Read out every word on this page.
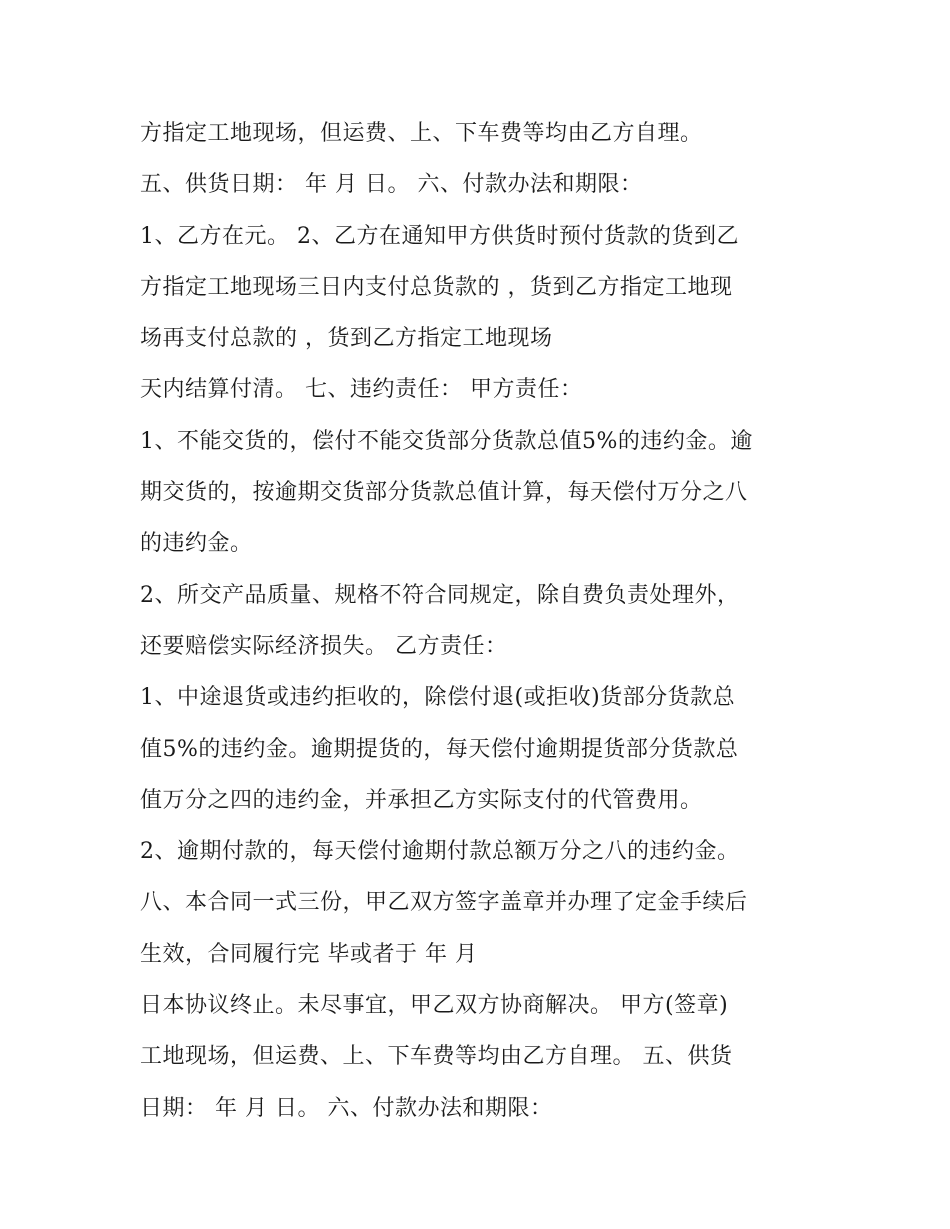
方指定工地现场，但运费、上、下车费等均由乙方自理。
五、供货日期： 年 月 日。 六、付款办法和期限：
1、乙方在元。 2、乙方在通知甲方供货时预付货款的货到乙
方指定工地现场三日内支付总货款的 ，货到乙方指定工地现
场再支付总款的 ，货到乙方指定工地现场
天内结算付清。 七、违约责任： 甲方责任：
1、不能交货的，偿付不能交货部分货款总值5%的违约金。逾
期交货的，按逾期交货部分货款总值计算，每天偿付万分之八
的违约金。
2、所交产品质量、规格不符合同规定，除自费负责处理外，
还要赔偿实际经济损失。 乙方责任：
1、中途退货或违约拒收的，除偿付退(或拒收)货部分货款总
值5%的违约金。逾期提货的，每天偿付逾期提货部分货款总
值万分之四的违约金，并承担乙方实际支付的代管费用。
2、逾期付款的，每天偿付逾期付款总额万分之八的违约金。
八、本合同一式三份，甲乙双方签字盖章并办理了定金手续后
生效，合同履行完 毕或者于 年 月
日本协议终止。未尽事宜，甲乙双方协商解决。 甲方(签章)
工地现场，但运费、上、下车费等均由乙方自理。 五、供货
日期： 年 月 日。 六、付款办法和期限：
